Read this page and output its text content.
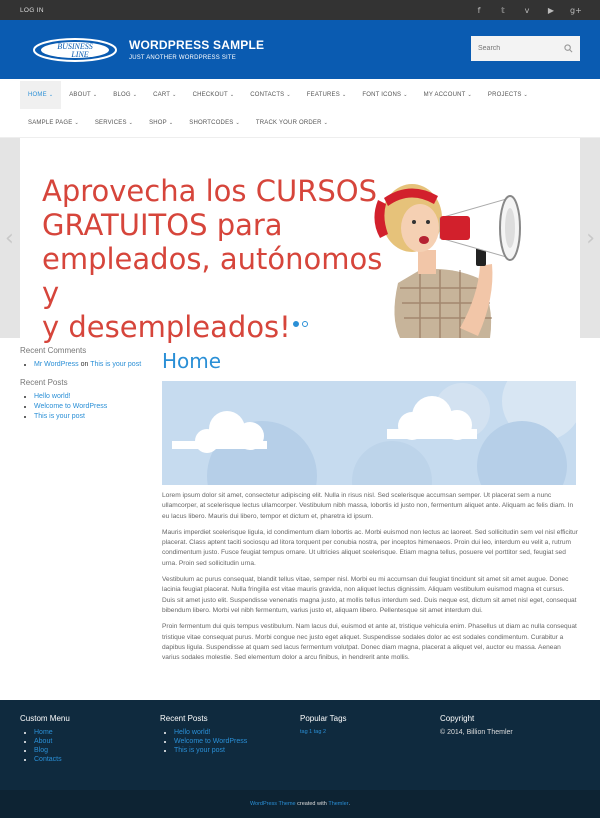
LOG IN	f	𝕥	v	▶ g+
BUSINESS
LINE
WORDPRESS SAMPLE
JUST ANOTHER WORDPRESS SITE
Search
HOME ⌄	ABOUT ⌄	BLOG ⌄	CART ⌄	CHECKOUT ⌄	CONTACTS ⌄	FEATURES ⌄	FONT ICONS ⌄	MY ACCOUNT ⌄	PROJECTS ⌄
SAMPLE PAGE ⌄	SERVICES ⌄	SHOP ⌄	SHORTCODES ⌄	TRACK YOUR ORDER ⌄
‹	›
Aprovecha los CURSOS
GRATUITOS para
empleados, autónomos y
y desempleados!
Recent Comments
• Mr WordPress on This is your post
Recent Posts
• Hello world!
• Welcome to WordPress
• This is your post
Home

Lorem ipsum dolor sit amet, consectetur adipiscing elit. Nulla in risus nisl. Sed scelerisque accumsan semper. Ut placerat sem a nunc ullamcorper, at scelerisque lectus ullamcorper. Vestibulum nibh massa, lobortis id justo non, fermentum aliquet ante. Aliquam ac felis diam. In eu lacus libero. Mauris dui libero, tempor et dictum et, pharetra id ipsum.

Mauris imperdiet scelerisque ligula, id condimentum diam lobortis ac. Morbi euismod non lectus ac laoreet. Sed sollicitudin sem vel nisl efficitur placerat. Class aptent taciti sociosqu ad litora torquent per conubia nostra, per inceptos himenaeos. Proin dui leo, interdum eu velit a, rutrum condimentum justo. Fusce feugiat tempus ornare. Ut ultricies aliquet scelerisque. Etiam magna tellus, posuere vel porttitor sed, feugiat sed urna. Proin sed sollicitudin urna.

Vestibulum ac purus consequat, blandit tellus vitae, semper nisl. Morbi eu mi accumsan dui feugiat tincidunt sit amet sit amet augue. Donec lacinia feugiat placerat. Nulla fringilla est vitae mauris gravida, non aliquet lectus dignissim. Aliquam vestibulum euismod magna et cursus. Duis sit amet justo elit. Suspendisse venenatis magna justo, at mollis tellus interdum sed. Duis neque est, dictum sit amet nisl eget, consequat bibendum libero. Morbi vel nibh fermentum, varius justo et, aliquam libero. Pellentesque sit amet interdum dui.

Proin fermentum dui quis tempus vestibulum. Nam lacus dui, euismod et ante at, tristique vehicula enim. Phasellus ut diam ac nulla consequat tristique vitae consequat purus. Morbi congue nec justo eget aliquet. Suspendisse sodales dolor ac est sodales condimentum. Curabitur a dapibus ligula. Suspendisse at quam sed lacus fermentum volutpat. Donec diam magna, placerat a aliquet vel, auctor eu massa. Aenean varius sodales molestie. Sed elementum dolor a arcu finibus, in hendrerit ante mollis.

Custom Menu
• Home
• About
• Blog
• Contacts
Recent Posts
• Hello world!
• Welcome to WordPress
• This is your post
Popular Tags
tag 1 tag 2
Copyright
© 2014, Billion Themler
WordPress Theme
created with
Themler .
